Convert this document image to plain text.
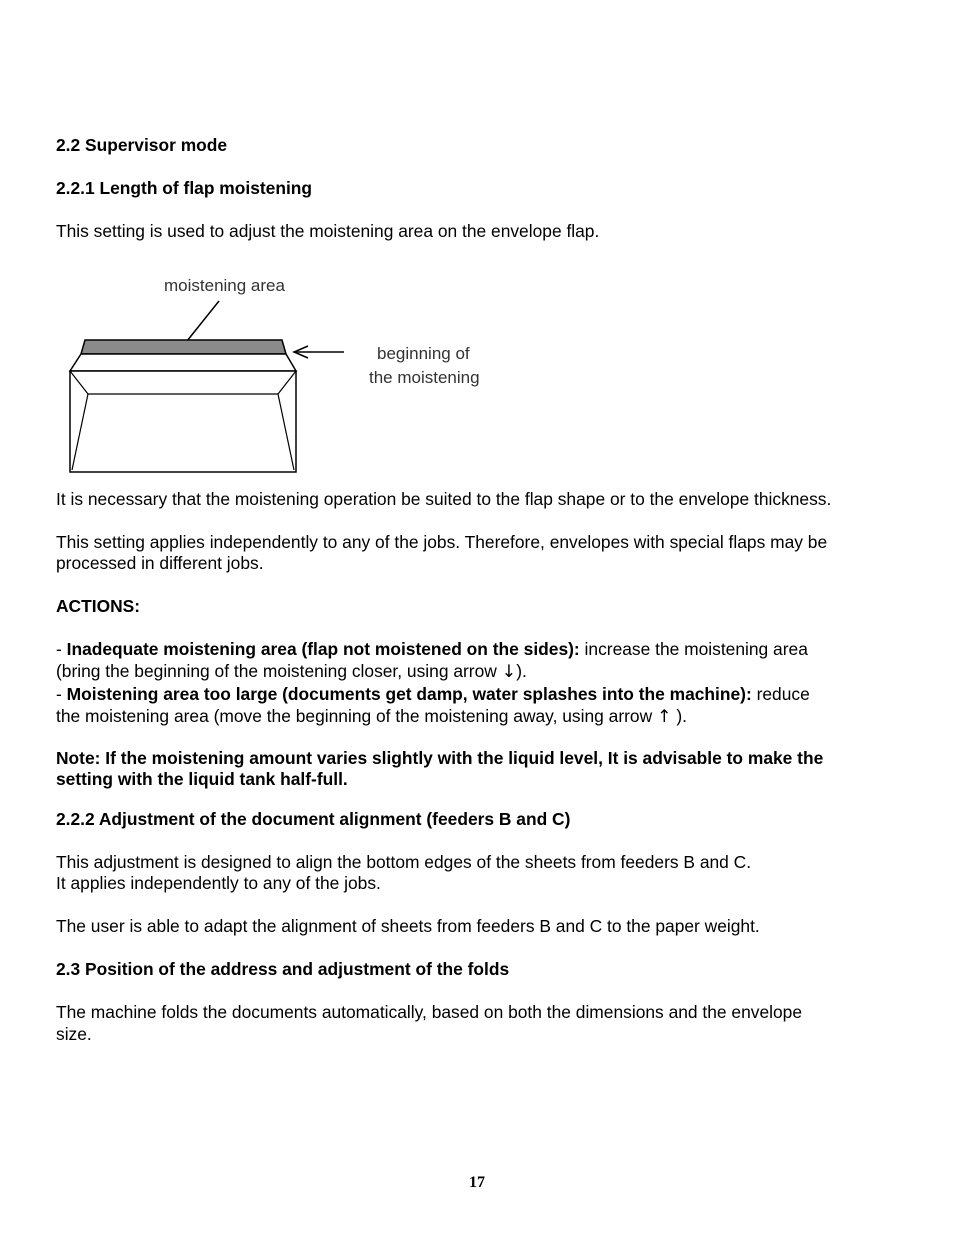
2.2 Supervisor mode
2.2.1 Length of flap moistening
This setting is used to adjust the moistening area on the envelope flap.
moistening area
beginning of
the moistening
It is necessary that the moistening operation be suited to the flap shape or to the envelope thickness.
This setting applies independently to any of the jobs. Therefore, envelopes with special flaps may be
processed in different jobs.
ACTIONS:
- Inadequate moistening area (flap not moistened on the sides): increase the moistening area
(bring the beginning of the moistening closer, using arrow ↓).
- Moistening area too large (documents get damp, water splashes into the machine): reduce
the moistening area (move the beginning of the moistening away, using arrow ↑ ).
Note: If the moistening amount varies slightly with the liquid level, It is advisable to make the
setting with the liquid tank half-full.
2.2.2 Adjustment of the document alignment (feeders B and C)
This adjustment is designed to align the bottom edges of the sheets from feeders B and C.
It applies independently to any of the jobs.
The user is able to adapt the alignment of sheets from feeders B and C to the paper weight.
2.3 Position of the address and adjustment of the folds
The machine folds the documents automatically, based on both the dimensions and the envelope
size.
17
